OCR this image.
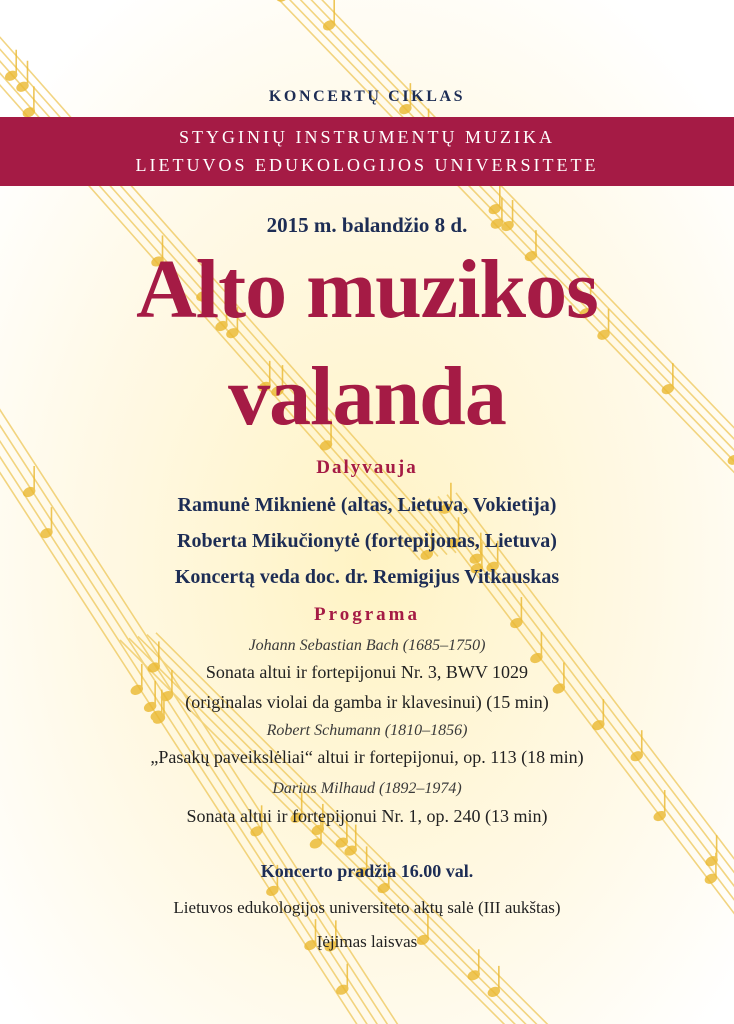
KONCERTŲ CIKLAS
STYGINIŲ INSTRUMENTŲ MUZIKA
LIETUVOS EDUKOLOGIJOS UNIVERSITETE
2015 m. balandžio 8 d.
Alto muzikos
valanda
Dalyvauja
Ramunė Miknienė (altas, Lietuva, Vokietija)
Roberta Mikučionytė (fortepijonas, Lietuva)
Koncertą veda doc. dr. Remigijus Vitkauskas
Programa
Johann Sebastian Bach (1685–1750)
Sonata altui ir fortepijonui Nr. 3, BWV 1029
(originalas violai da gamba ir klavesinui) (15 min)
Robert Schumann (1810–1856)
„Pasakų paveikslėliai“ altui ir fortepijonui, op. 113 (18 min)
Darius Milhaud (1892–1974)
Sonata altui ir fortepijonui Nr. 1, op. 240 (13 min)
Koncerto pradžia 16.00 val.
Lietuvos edukologijos universiteto aktų salė (III aukštas)
Įėjimas laisvas
